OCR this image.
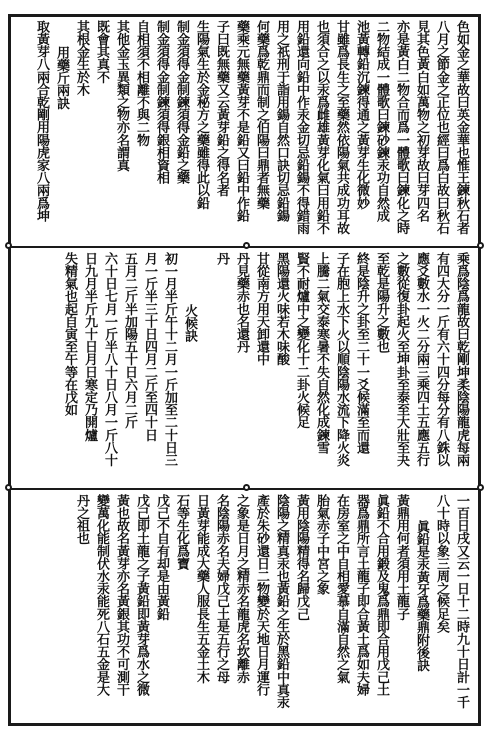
色如金之華故曰英金華也惟王鍊秋石者
八月之節金之正位也經曰爲白故曰秋石
見其色黃白如萬物之初芽故曰芽四名
亦是黃白二物合而爲一體歌曰鍊化之時
二物結成一體歌曰鍊砂鍊汞功自然成
池黃轉鉛沉鍊得通之黃芽生化微妙
甘雖爲長生之至藥然依陽氣共成功耳故
也須合之以汞爲雌雄黃芽化氣曰用鉛不
用鉛還向鉛中作汞金切忌鉛鍚不得錯雨
用之祇刑于詣用鍚自然口訣切忌鉛鍚
何藥爲乾鼎而制之伯陽曰鼎者無藥
藥乘元無藥黃芽不是鉛又曰鉛中作鉛
子曰既無藥又云黃芽鉛之得名者
生陽氣生於金秘方之藥雖得此以鉛
制金須得金制鍊須得金鉛之藥
制金須得金制鍊須得銀相資相
自相須不相離不與二物
其他金玉異類之物亦名謂真
既會其真不
其根金生於木
用藥斤兩訣
取黃芽八兩合乾剛用陽虎家八兩爲坤
乘爲陰爲龍故曰乾剛坤柔陰陽龍虎每兩
有四大分一斤有六十四分每分有八銖以
應爻數水一火二分兩三乘四土五應五行
之數從復卦起火至坤卦至泰至大壯至夬
至乾是陽升之數也
終是陰升之卦至二十一爻候滿至而還
子在胞上水下火以順陰陽水流下降火炎
上騰二氣交泰寒暑不失自然化成鍊雪
賢不耐爐中之變化十二卦火候足
黑陽還火味若木味酸
甘從南方用天卸還中
丹見藥赤也名還丹
丹
火候訣
初一月半斤午十二月一斤加至二十日三
月一斤半三十日四月二斤至四十日
五月二斤半加陽五十日六月二斤
六十日七月一斤半八十日八月一斤八十
日九月半斤九十日月日寒定乃開爐
失精氣也起自寅至午等在戊如
一百日戌又云一日十二時九十日計一千
八十時以象三周之候足矣
眞鉛是汞黃牙爲藥鼎附後訣
黃鼎用何者須用土龍子
眞鉛不合用鍛及鬼爲鼎即合用戊己土
器爲鼎所言土龍子即合黃土爲如夫婦
在房室之中自相愛慕自滿自然之氣
胎氣赤子中宮之象
黃用陰陽精得名歸戊己
陰陽之精真汞也黃鉛之生於黑鉛中真汞
產於朱砂還日二物變於天地日月運行
之象是日月之精赤名龍虎名坎離赤
名陰陽赤名夫婦戊己土是五行之母
日黃芽能成大藥人服長生五金土木
石等生化爲寶
戊己不自有却是由黃鉛
戊己即土龍之子黃鉛即黃芽爲水之微
黃也故名黃芽亦名黃銀其功不可測干
變萬化能制伏水汞能死八石五金是大
丹之祖也
